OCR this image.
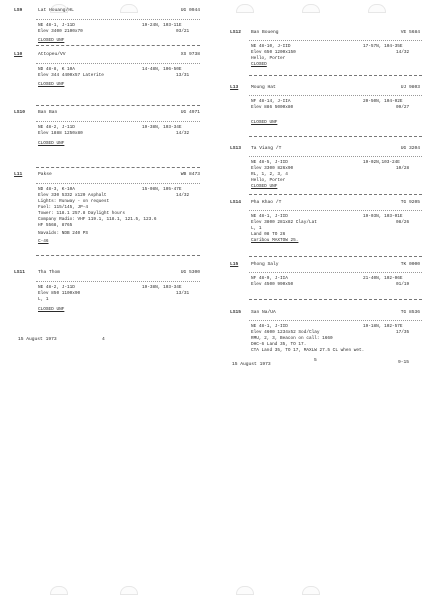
LS9	Lat Houang/HL	UG 0944
NE 48-1, J-11D
Elev 3400 2100x70
19-24N, 103-11E
03/21
CLOSED UNF
L10	Attopeu/VV	XS 9738
ND 48-8, K 10A
Elev 344 4400x57 Laterite
14-48N, 106-50E
13/31
CLOSED UNF
LS10	Ban Ban	UG 4971
NE 48-2, J-11D
Elev 1888 1250x80
19-38N, 103-34E
14/32
CLOSED UNF
L11	Pakse	WB 8473
ND 48-3, K-10A
Elev 330 5332 x120 Asphalt
Lights: Runway - on request
Fuel: 115/145, JP-4
Tower: 118.1 257.8 Daylight hours
Company Radio: VHF 119.1, 118.1, 121.5, 123.6
HF 5568, 8765
Navaids: NDB 240 PS
C-46
15-08N, 105-47E
14/32
LS11	Tha Thom	UG 5300
NE 48-2, J-11D
Elev 850 1100x90
L, 1
19-38N, 103-34E
13/31
CLOSED UNF
15 August 1973	4
LS12 Ban Boueng	VE 5684
NE 48-10, J-IID
Elev 650 1200x150
Hello, Porter
CLOSED
17-57N, 104-35E
14/32
L13	Moung Hat	UJ 9803
NF 48-14, J-IIA
Elev 886 5000x80
20-50N, 104-02E
09/27
CLOSED UNF
LS13 Ta Viang /T	UG 3204
NE 48-5, J-IID
Elev 3300 826x90
RL, 1, 2, 3, 4
Hello, Porter
CLOSED UNF
19-02N,103-24E
10/28
LS14 Pha Khao /T	TG 9205
NE 48-1, J-IID
Elev 3800 281x82 Clay/Lat
L, 1
Land 08 TO 26
Caribou MAXTOW 25.
19-03N, 103-01E
08/26
L15	Phong Saly	TK 0000
NF 48-9, J-IIA
Elev 4500 990x50
21-40N, 102-06E
01/19
LS15 San Na/UA	TG 8536
NE 48-1, J-IID
Elev 4600 1234x52 Sod/Clay
RMU, 2, 3, Beacon on call: 1660
DHC-6 Land 35, TO 17.
CTA Land 35, TO 17, MAXLW 27.5 CL when wet.
19-18N, 102-57E
17/35
15 August 1973
5	9-15
